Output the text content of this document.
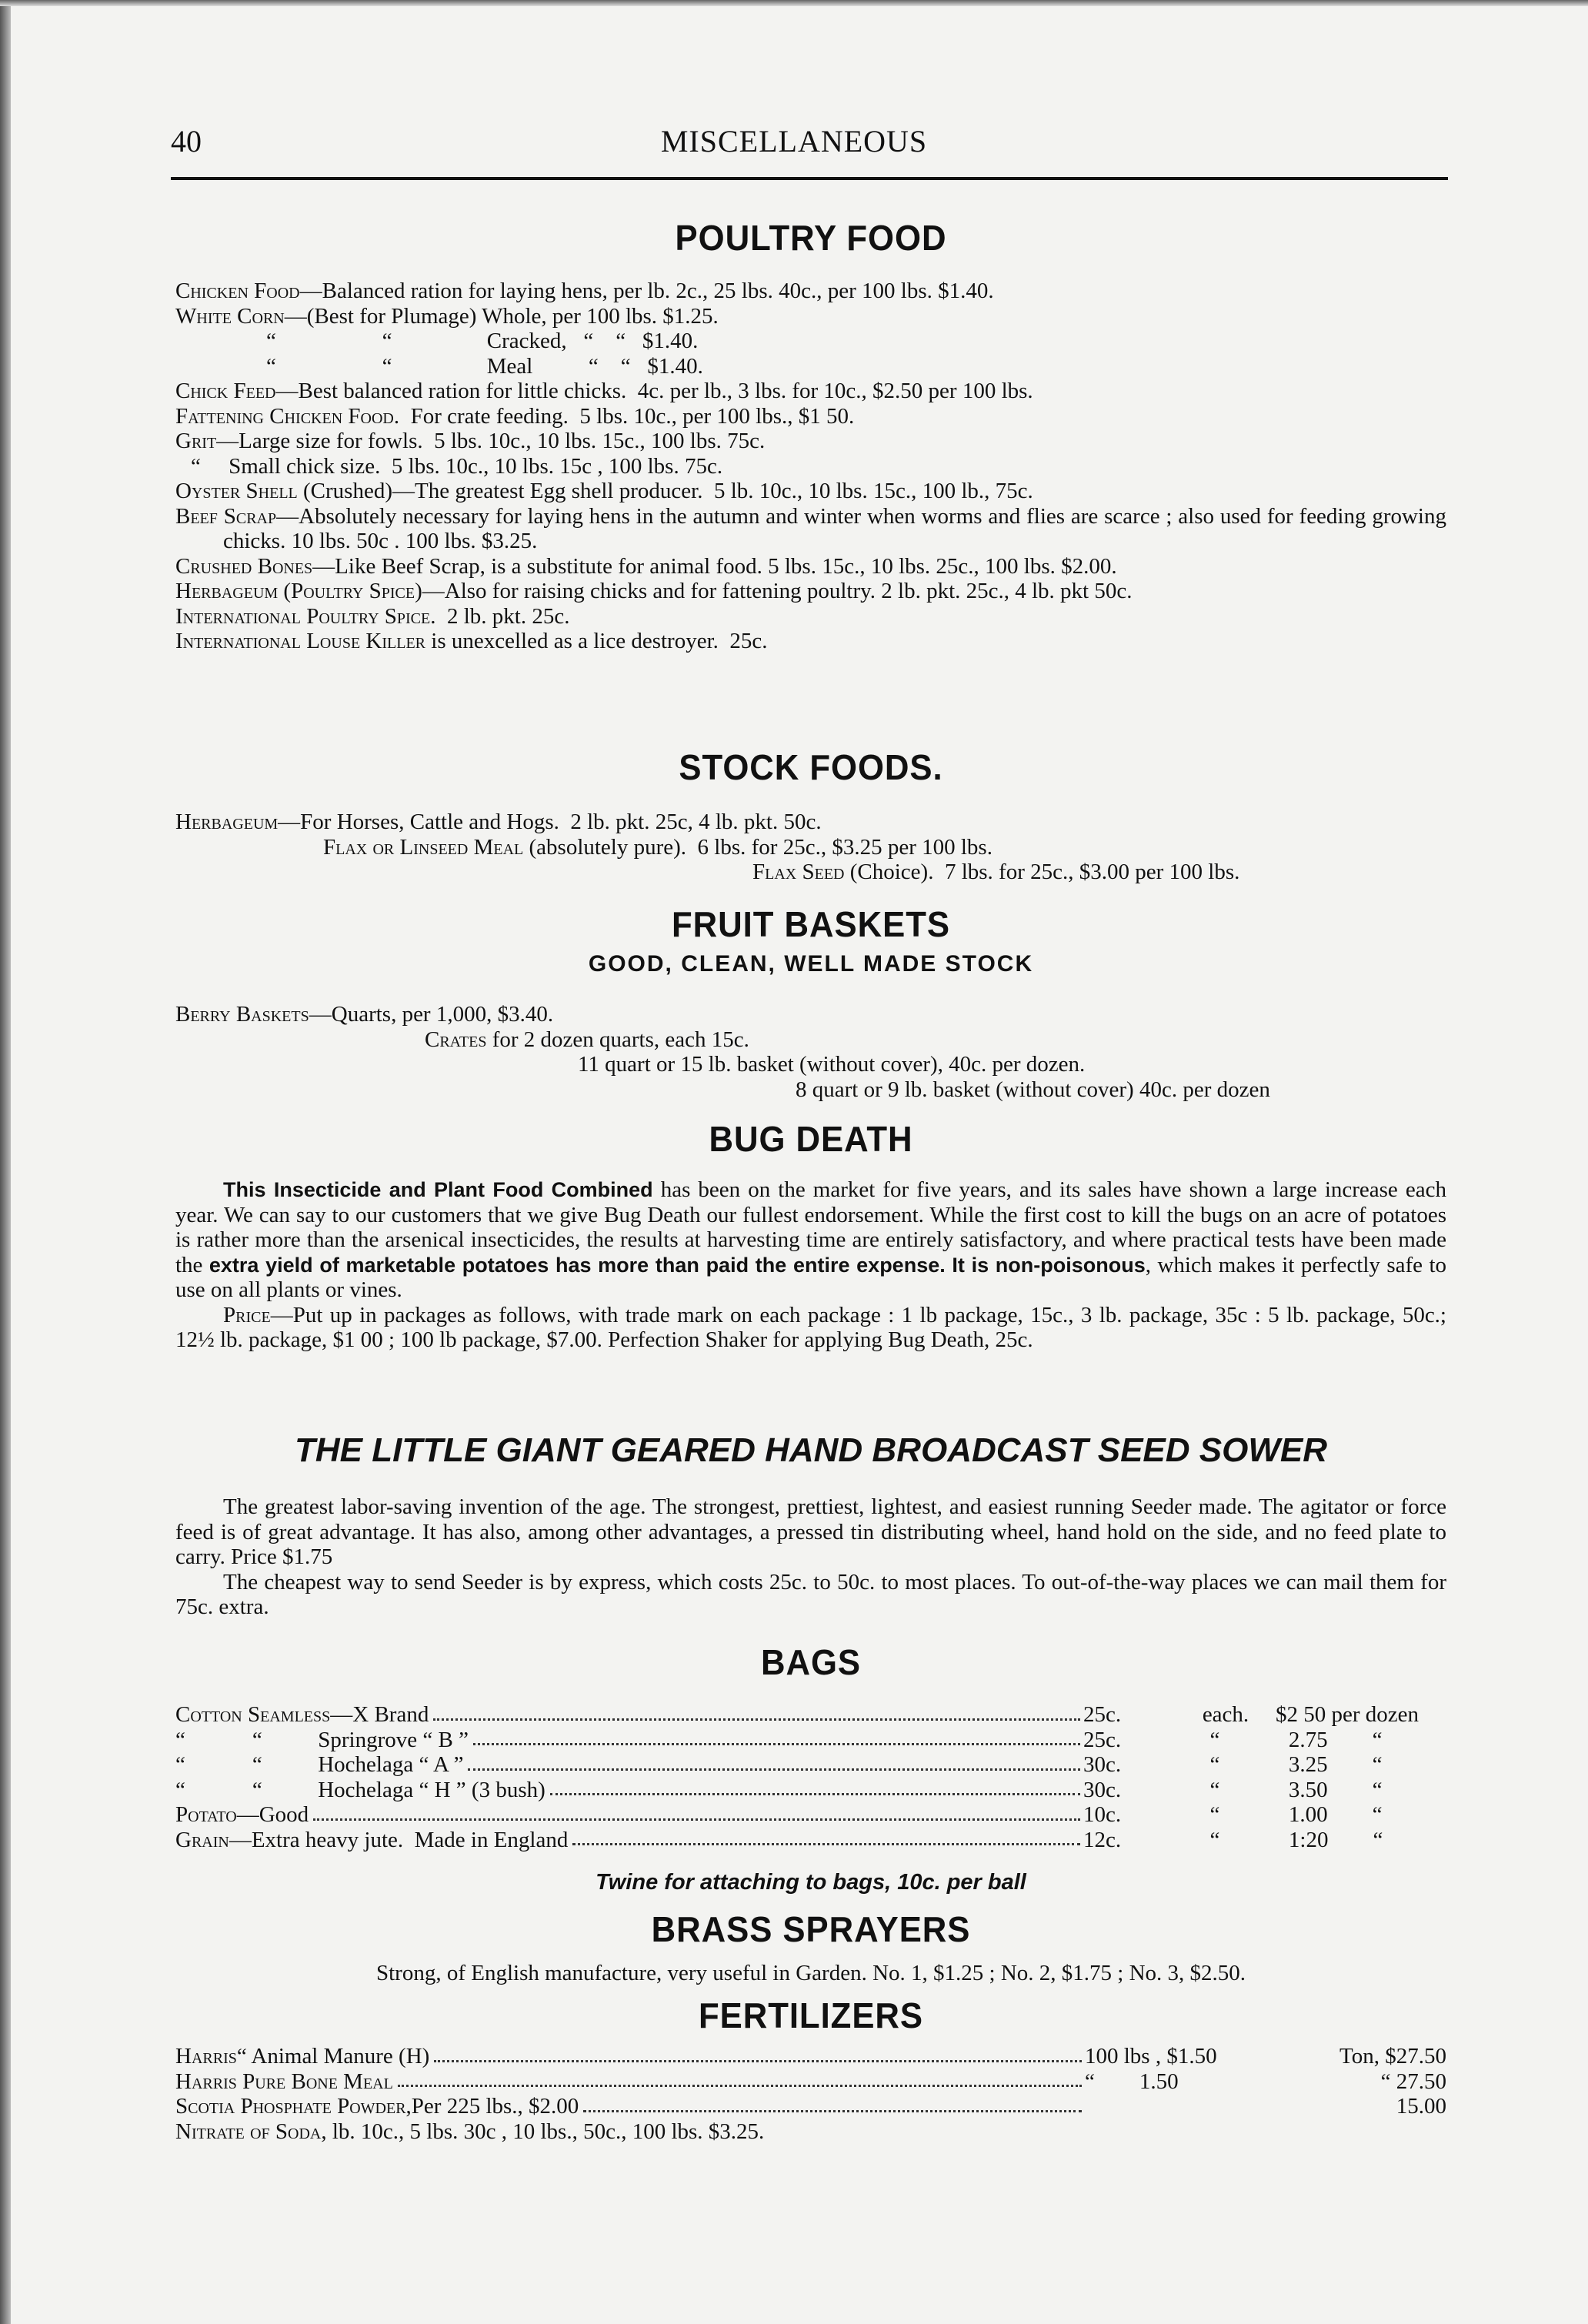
40	MISCELLANEOUS
POULTRY FOOD
Chicken Food—Balanced ration for laying hens, per lb. 2c., 25 lbs. 40c., per 100 lbs. $1.40.
White Corn—(Best for Plumage) Whole, per 100 lbs. $1.25.
“                   “                 Cracked,   “    “   $1.40.
“                   “                 Meal          “    “   $1.40.
Chick Feed—Best balanced ration for little chicks.  4c. per lb., 3 lbs. for 10c., $2.50 per 100 lbs.
Fattening Chicken Food.  For crate feeding.  5 lbs. 10c., per 100 lbs., $1 50.
Grit—Large size for fowls.  5 lbs. 10c., 10 lbs. 15c., 100 lbs. 75c.
“     Small chick size.  5 lbs. 10c., 10 lbs. 15c , 100 lbs. 75c.
Oyster Shell (Crushed)—The greatest Egg shell producer.  5 lb. 10c., 10 lbs. 15c., 100 lb., 75c.
Beef Scrap—Absolutely necessary for laying hens in the autumn and winter when worms and flies are scarce ; also used for feeding growing chicks. 10 lbs. 50c . 100 lbs. $3.25.
Crushed Bones—Like Beef Scrap, is a substitute for animal food. 5 lbs. 15c., 10 lbs. 25c., 100 lbs. $2.00.
Herbageum (Poultry Spice)—Also for raising chicks and for fattening poultry. 2 lb. pkt. 25c., 4 lb. pkt 50c.
International Poultry Spice.  2 lb. pkt. 25c.
International Louse Killer is unexcelled as a lice destroyer.  25c.
STOCK FOODS.
Herbageum—For Horses, Cattle and Hogs.  2 lb. pkt. 25c, 4 lb. pkt. 50c.
Flax or Linseed Meal (absolutely pure).  6 lbs. for 25c., $3.25 per 100 lbs.
Flax Seed (Choice).  7 lbs. for 25c., $3.00 per 100 lbs.
FRUIT BASKETS
GOOD, CLEAN, WELL MADE STOCK
Berry Baskets—Quarts, per 1,000, $3.40.
Crates for 2 dozen quarts, each 15c.
11 quart or 15 lb. basket (without cover), 40c. per dozen.
8 quart or 9 lb. basket (without cover) 40c. per dozen
BUG DEATH
This Insecticide and Plant Food Combined has been on the market for five years, and its sales have shown a large increase each year. We can say to our customers that we give Bug Death our fullest endorsement. While the first cost to kill the bugs on an acre of potatoes is rather more than the arsenical insecticides, the results at harvesting time are entirely satisfactory, and where practical tests have been made the extra yield of marketable potatoes has more than paid the entire expense. It is non-poisonous, which makes it perfectly safe to use on all plants or vines.
Price—Put up in packages as follows, with trade mark on each package : 1 lb package, 15c., 3 lb. package, 35c : 5 lb. package, 50c.; 12½ lb. package, $1 00 ; 100 lb package, $7.00. Perfection Shaker for applying Bug Death, 25c.
THE LITTLE GIANT GEARED HAND BROADCAST SEED SOWER
The greatest labor-saving invention of the age. The strongest, prettiest, lightest, and easiest running Seeder made. The agitator or force feed is of great advantage. It has also, among other advantages, a pressed tin distributing wheel, hand hold on the side, and no feed plate to carry. Price $1.75
The cheapest way to send Seeder is by express, which costs 25c. to 50c. to most places. To out-of-the-way places we can mail them for 75c. extra.
BAGS
Cotton Seamless —X Brand	25c.	each.	$2 50 per dozen
“            “          Springrove “ B ”	25c.	“	2.75        “
“            “          Hochelaga “ A ”	30c.	“	3.25        “
“            “          Hochelaga “ H ” (3 bush)	30c.	“	3.50        “
Potato —Good	10c.	“	1.00        “
Grain —Extra heavy jute.  Made in England	12c.	“	1:20        “
Twine for attaching to bags, 10c. per ball
BRASS SPRAYERS
Strong, of English manufacture, very useful in Garden. No. 1, $1.25 ; No. 2, $1.75 ; No. 3, $2.50.
FERTILIZERS
Harris “ Animal Manure (H)	100 lbs , $1.50	Ton, $27.50
Harris Pure Bone Meal	“        1.50	“ 27.50
Scotia Phosphate Powder, Per 225 lbs., $2.00	15.00
Nitrate of Soda, lb. 10c., 5 lbs. 30c , 10 lbs., 50c., 100 lbs. $3.25.
